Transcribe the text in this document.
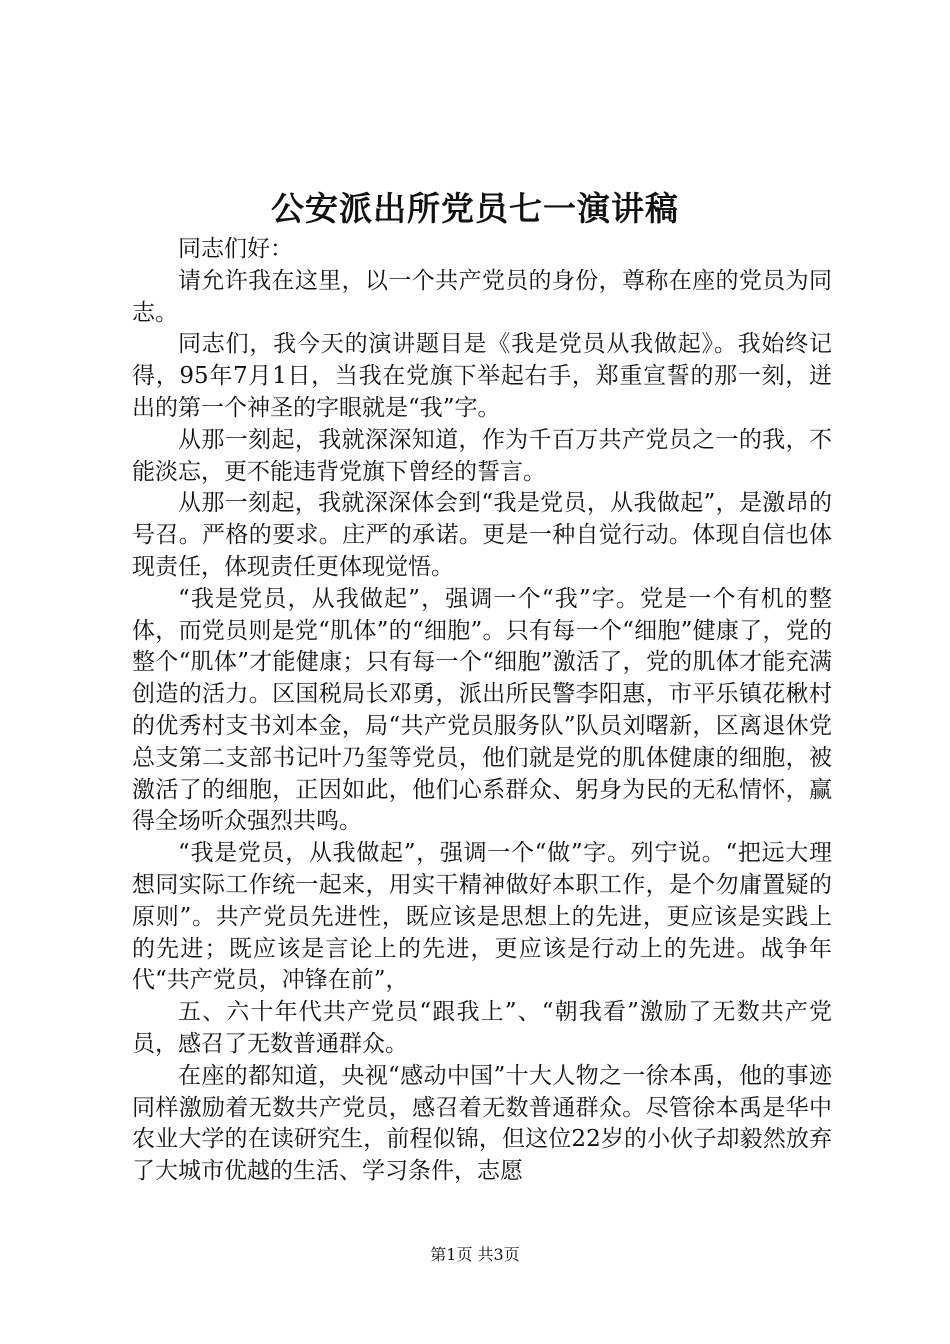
公安派出所党员七一演讲稿

同志们好：

请允许我在这里，以一个共产党员的身份，尊称在座的党员为同志。

同志们，我今天的演讲题目是《我是党员从我做起》。我始终记得，95年7月1日，当我在党旗下举起右手，郑重宣誓的那一刻，迸出的第一个神圣的字眼就是“我”字。

从那一刻起，我就深深知道，作为千百万共产党员之一的我，不能淡忘，更不能违背党旗下曾经的誓言。

从那一刻起，我就深深体会到“我是党员，从我做起”，是激昂的号召。严格的要求。庄严的承诺。更是一种自觉行动。体现自信也体现责任，体现责任更体现觉悟。

“我是党员，从我做起”，强调一个“我”字。党是一个有机的整体，而党员则是党“肌体”的“细胞”。只有每一个“细胞”健康了，党的整个“肌体”才能健康；只有每一个“细胞”激活了，党的肌体才能充满创造的活力。区国税局长邓勇，派出所民警李阳惠，市平乐镇花楸村的优秀村支书刘本金，局“共产党员服务队”队员刘曙新，区离退休党总支第二支部书记叶乃玺等党员，他们就是党的肌体健康的细胞，被激活了的细胞，正因如此，他们心系群众、躬身为民的无私情怀，赢得全场听众强烈共鸣。

“我是党员，从我做起”，强调一个“做”字。列宁说。“把远大理想同实际工作统一起来，用实干精神做好本职工作，是个勿庸置疑的原则”。共产党员先进性，既应该是思想上的先进，更应该是实践上的先进；既应该是言论上的先进，更应该是行动上的先进。战争年代“共产党员，冲锋在前”，

五、六十年代共产党员“跟我上”、“朝我看”激励了无数共产党员，感召了无数普通群众。

在座的都知道，央视“感动中国”十大人物之一徐本禹，他的事迹同样激励着无数共产党员，感召着无数普通群众。尽管徐本禹是华中农业大学的在读研究生，前程似锦，但这位22岁的小伙子却毅然放弃了大城市优越的生活、学习条件，志愿

第1页 共3页
